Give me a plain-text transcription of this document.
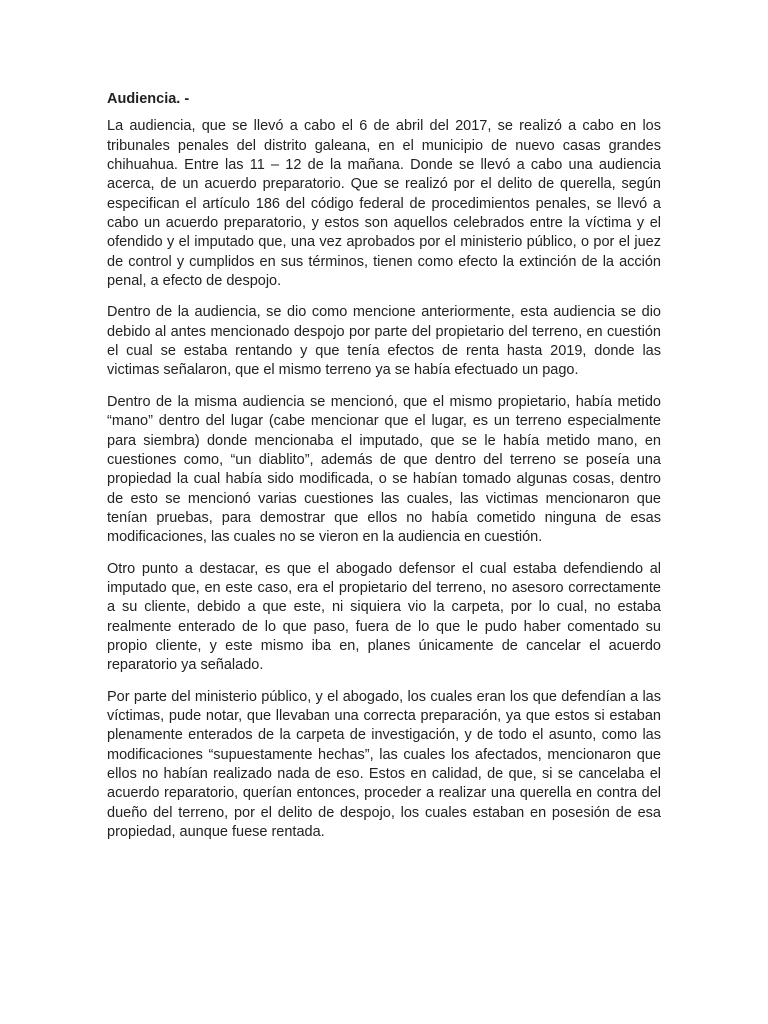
Audiencia. -

La audiencia, que se llevó a cabo el 6 de abril del 2017, se realizó a cabo en los tribunales penales del distrito galeana, en el municipio de nuevo casas grandes chihuahua. Entre las 11 – 12 de la mañana. Donde se llevó a cabo una audiencia acerca, de un acuerdo preparatorio. Que se realizó por el delito de querella, según especifican el artículo 186 del código federal de procedimientos penales, se llevó a cabo un acuerdo preparatorio, y estos son aquellos celebrados entre la víctima y el ofendido y el imputado que, una vez aprobados por el ministerio público, o por el juez de control y cumplidos en sus términos, tienen como efecto la extinción de la acción penal, a efecto de despojo.

Dentro de la audiencia, se dio como mencione anteriormente, esta audiencia se dio debido al antes mencionado despojo por parte del propietario del terreno, en cuestión el cual se estaba rentando y que tenía efectos de renta hasta 2019, donde las victimas señalaron, que el mismo terreno ya se había efectuado un pago.

Dentro de la misma audiencia se mencionó, que el mismo propietario, había metido “mano” dentro del lugar (cabe mencionar que el lugar, es un terreno especialmente para siembra) donde mencionaba el imputado, que se le había metido mano, en cuestiones como, “un diablito”, además de que dentro del terreno se poseía una propiedad la cual había sido modificada, o se habían tomado algunas cosas, dentro de esto se mencionó varias cuestiones las cuales, las victimas mencionaron que tenían pruebas, para demostrar que ellos no había cometido ninguna de esas modificaciones, las cuales no se vieron en la audiencia en cuestión.

Otro punto a destacar, es que el abogado defensor el cual estaba defendiendo al imputado que, en este caso, era el propietario del terreno, no asesoro correctamente a su cliente, debido a que este, ni siquiera vio la carpeta, por lo cual, no estaba realmente enterado de lo que paso, fuera de lo que le pudo haber comentado su propio cliente, y este mismo iba en, planes únicamente de cancelar el acuerdo reparatorio ya señalado.

Por parte del ministerio público, y el abogado, los cuales eran los que defendían a las víctimas, pude notar, que llevaban una correcta preparación, ya que estos si estaban plenamente enterados de la carpeta de investigación, y de todo el asunto, como las modificaciones “supuestamente hechas”, las cuales los afectados, mencionaron que ellos no habían realizado nada de eso. Estos en calidad, de que, si se cancelaba el acuerdo reparatorio, querían entonces, proceder a realizar una querella en contra del dueño del terreno, por el delito de despojo, los cuales estaban en posesión de esa propiedad, aunque fuese rentada.
